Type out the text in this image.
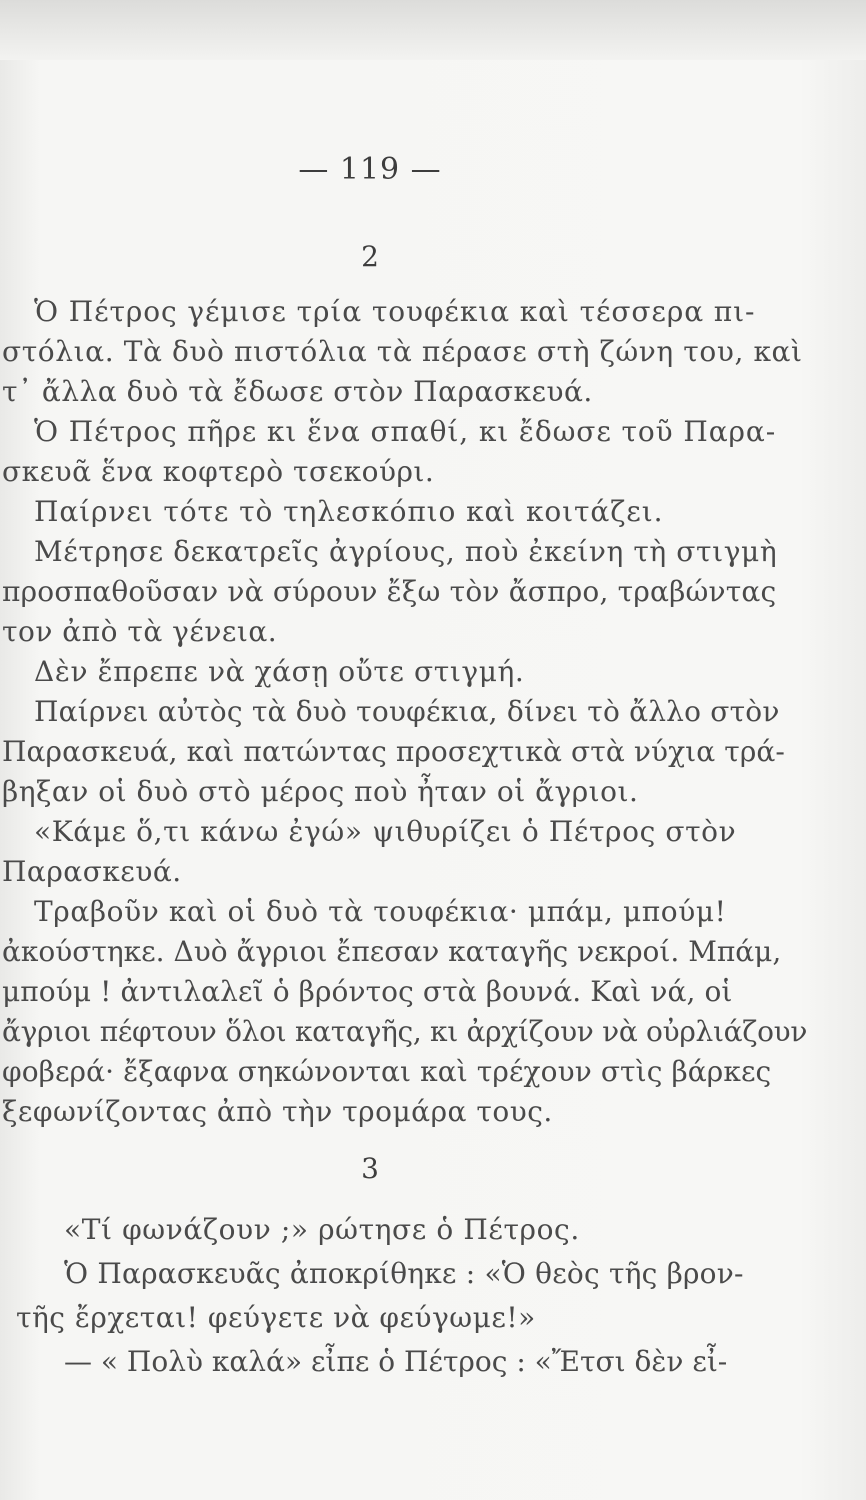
— 119 —
2
Ὁ Πέτρος γέμισε τρία τουφέκια καὶ τέσσερα πι-
στόλια. Τὰ δυὸ πιστόλια τὰ πέρασε στὴ ζώνη του, καὶ
τ᾽ ἄλλα δυὸ τὰ ἔδωσε στὸν Παρασκευά.
Ὁ Πέτρος πῆρε κι ἕνα σπαθί, κι ἔδωσε τοῦ Παρα-
σκευᾶ ἕνα κοφτερὸ τσεκούρι.
Παίρνει τότε τὸ τηλεσκόπιο καὶ κοιτάζει.
Μέτρησε δεκατρεῖς ἀγρίους, ποὺ ἐκείνη τὴ στιγμὴ
προσπαθοῦσαν νὰ σύρουν ἔξω τὸν ἄσπρο, τραβώντας
τον ἀπὸ τὰ γένεια.
Δὲν ἔπρεπε νὰ χάσῃ οὔτε στιγμή.
Παίρνει αὐτὸς τὰ δυὸ τουφέκια, δίνει τὸ ἄλλο στὸν
Παρασκευά, καὶ πατώντας προσεχτικὰ στὰ νύχια τρά-
βηξαν οἱ δυὸ στὸ μέρος ποὺ ἦταν οἱ ἄγριοι.
«Κάμε ὅ,τι κάνω ἐγώ» ψιθυρίζει ὁ Πέτρος στὸν
Παρασκευά.
Τραβοῦν καὶ οἱ δυὸ τὰ τουφέκια· μπάμ, μπούμ!
ἀκούστηκε. Δυὸ ἄγριοι ἔπεσαν καταγῆς νεκροί. Μπάμ,
μπούμ ! ἀντιλαλεῖ ὁ βρόντος στὰ βουνά. Καὶ νά, οἱ
ἄγριοι πέφτουν ὅλοι καταγῆς, κι ἀρχίζουν νὰ οὐρλιάζουν
φοβερά· ἔξαφνα σηκώνονται καὶ τρέχουν στὶς βάρκες
ξεφωνίζοντας ἀπὸ τὴν τρομάρα τους.
3
«Τί φωνάζουν ;» ρώτησε ὁ Πέτρος.
Ὁ Παρασκευᾶς ἀποκρίθηκε : «Ὁ θεὸς τῆς βρον-
τῆς ἔρχεται! φεύγετε νὰ φεύγωμε!»
— « Πολὺ καλά» εἶπε ὁ Πέτρος : «Ἔτσι δὲν εἶ-
